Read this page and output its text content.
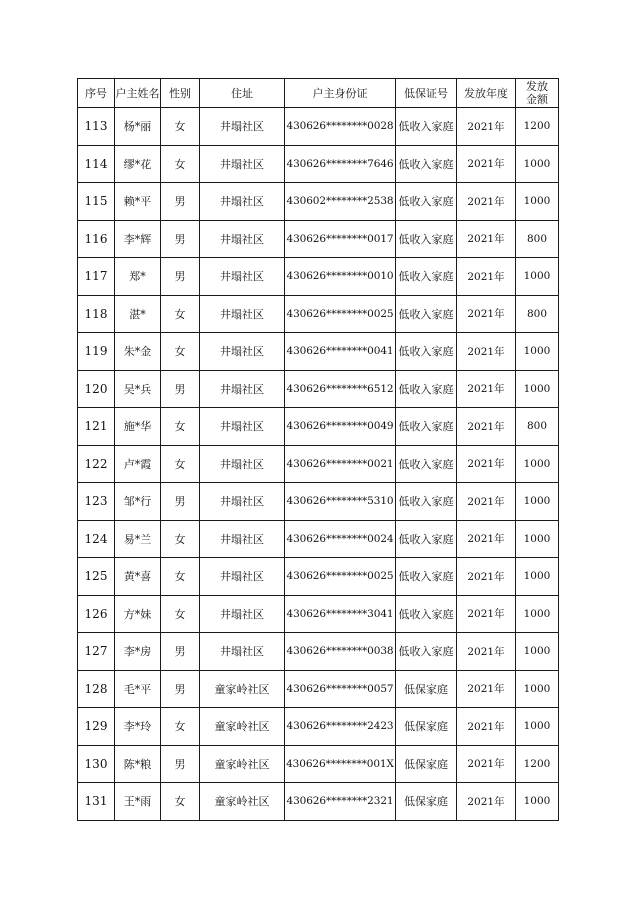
序号	户主姓名	性别	住址	户主身份证	低保证号	发放年度	发放金额
113	杨*丽	女	井塌社区	430626********0028	低收入家庭	2021年	1200
114	缪*花	女	井塌社区	430626********7646	低收入家庭	2021年	1000
115	赖*平	男	井塌社区	430602********2538	低收入家庭	2021年	1000
116	李*辉	男	井塌社区	430626********0017	低收入家庭	2021年	800
117	郑*	男	井塌社区	430626********0010	低收入家庭	2021年	1000
118	湛*	女	井塌社区	430626********0025	低收入家庭	2021年	800
119	朱*金	女	井塌社区	430626********0041	低收入家庭	2021年	1000
120	吴*兵	男	井塌社区	430626********6512	低收入家庭	2021年	1000
121	施*华	女	井塌社区	430626********0049	低收入家庭	2021年	800
122	卢*霞	女	井塌社区	430626********0021	低收入家庭	2021年	1000
123	邹*行	男	井塌社区	430626********5310	低收入家庭	2021年	1000
124	易*兰	女	井塌社区	430626********0024	低收入家庭	2021年	1000
125	黄*喜	女	井塌社区	430626********0025	低收入家庭	2021年	1000
126	方*妹	女	井塌社区	430626********3041	低收入家庭	2021年	1000
127	李*房	男	井塌社区	430626********0038	低收入家庭	2021年	1000
128	毛*平	男	童家岭社区	430626********0057	低保家庭	2021年	1000
129	李*玲	女	童家岭社区	430626********2423	低保家庭	2021年	1000
130	陈*粮	男	童家岭社区	430626********001X	低保家庭	2021年	1200
131	王*雨	女	童家岭社区	430626********2321	低保家庭	2021年	1000
